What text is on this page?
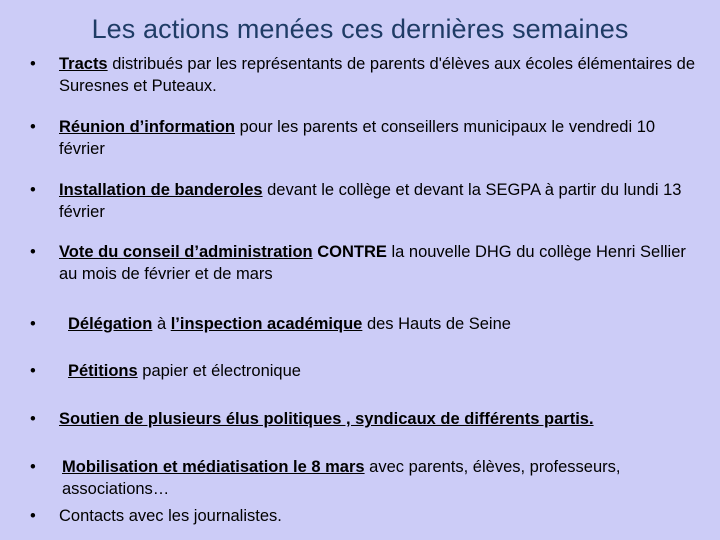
Les actions menées ces dernières semaines
•	Tracts distribués par les représentants de parents d'élèves aux écoles élémentaires de Suresnes et Puteaux.
•	Réunion d’information pour les parents et conseillers municipaux le vendredi 10 février
•	Installation de banderoles devant le collège et devant la SEGPA à partir du lundi 13 février
•	Vote du conseil d’administration CONTRE la nouvelle DHG du collège Henri Sellier au mois de février et de mars
•	Délégation à l’inspection académique des Hauts de Seine
•	Pétitions papier et électronique
•	Soutien de plusieurs élus politiques , syndicaux de différents partis.
•	Mobilisation et médiatisation le 8 mars avec parents, élèves, professeurs, associations…
•	Contacts avec les journalistes.
